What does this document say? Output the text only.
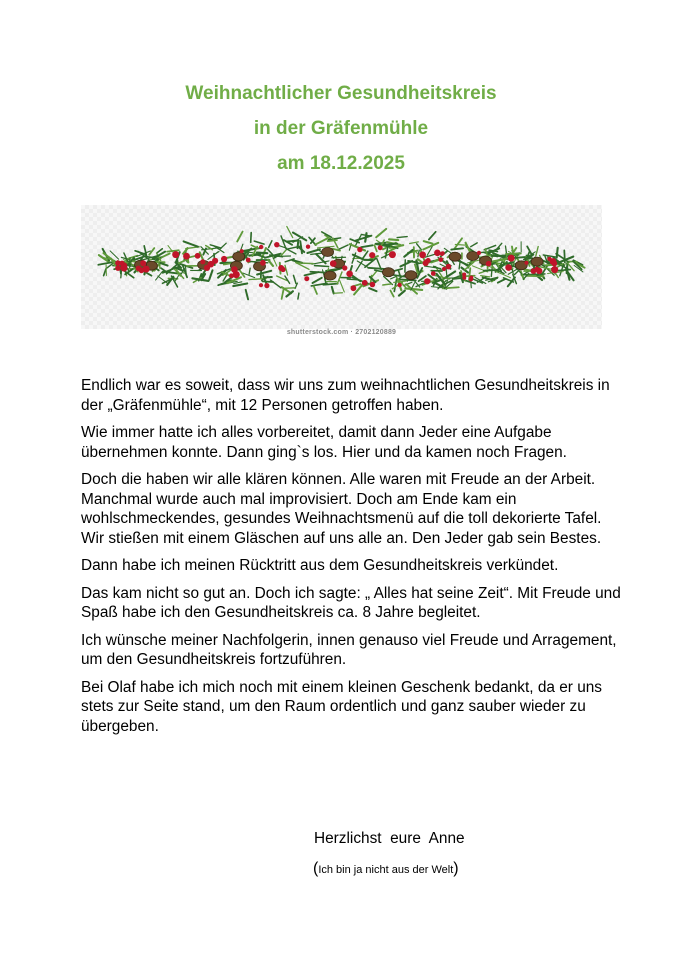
Weihnachtlicher Gesundheitskreis
in der Gräfenmühle
am 18.12.2025
shutterstock.com · 2702120889

Endlich war es soweit, dass wir uns zum weihnachtlichen Gesundheitskreis in der „Gräfenmühle“, mit 12 Personen getroffen haben.

Wie immer hatte ich alles vorbereitet, damit dann Jeder eine Aufgabe übernehmen konnte. Dann ging`s los. Hier und da kamen noch Fragen.

Doch die haben wir alle klären können. Alle waren mit Freude an der Arbeit. Manchmal wurde auch mal improvisiert. Doch am Ende kam ein wohlschmeckendes, gesundes Weihnachtsmenü auf die toll dekorierte Tafel. Wir stießen mit einem Gläschen auf uns alle an. Den Jeder gab sein Bestes.

Dann habe ich meinen Rücktritt aus dem Gesundheitskreis verkündet.

Das kam nicht so gut an. Doch ich sagte: „ Alles hat seine Zeit“. Mit Freude und Spaß habe ich den Gesundheitskreis ca. 8 Jahre begleitet.

Ich wünsche meiner Nachfolgerin, innen genauso viel Freude und Arragement, um den Gesundheitskreis fortzuführen.

Bei Olaf habe ich mich noch mit einem kleinen Geschenk bedankt, da er uns stets zur Seite stand, um den Raum ordentlich und ganz sauber wieder zu übergeben.

Herzlichst  eure  Anne
(Ich bin ja nicht aus der Welt)
